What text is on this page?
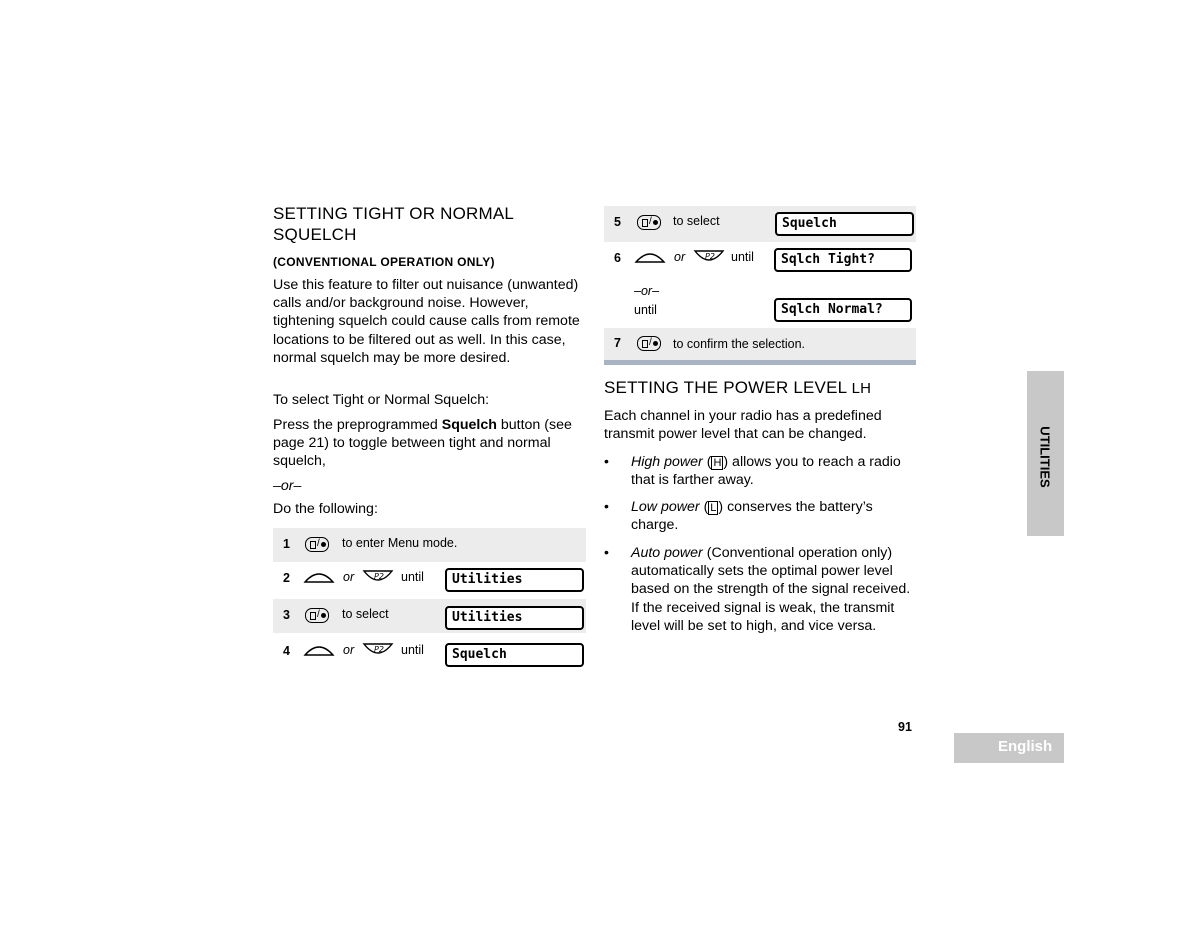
SETTING TIGHT OR NORMAL SQUELCH
(CONVENTIONAL OPERATION ONLY)
Use this feature to filter out nuisance (unwanted) calls and/or background noise. However, tightening squelch could cause calls from remote locations to be filtered out as well. In this case, normal squelch may be more desired.
To select Tight or Normal Squelch:
Press the preprogrammed Squelch button (see page 21) to toggle between tight and normal squelch,
–or–
Do the following:
1	/ to enter Menu mode.
2	or P2 until	Utilities
3	/ to select	Utilities
4	or P2 until	Squelch
5	/ to select	Squelch
6	or P2 until	Sqlch Tight?
–or–
until	Sqlch Normal?
7	/ to confirm the selection.
SETTING THE POWER LEVEL LH
Each channel in your radio has a predefined transmit power level that can be changed.
• High power ( H ) allows you to reach a radio that is farther away.
• Low power ( L ) conserves the battery’s charge.
• Auto power (Conventional operation only) automatically sets the optimal power level based on the strength of the signal received. If the received signal is weak, the transmit level will be set to high, and vice versa.
91
English
UTILITIES
